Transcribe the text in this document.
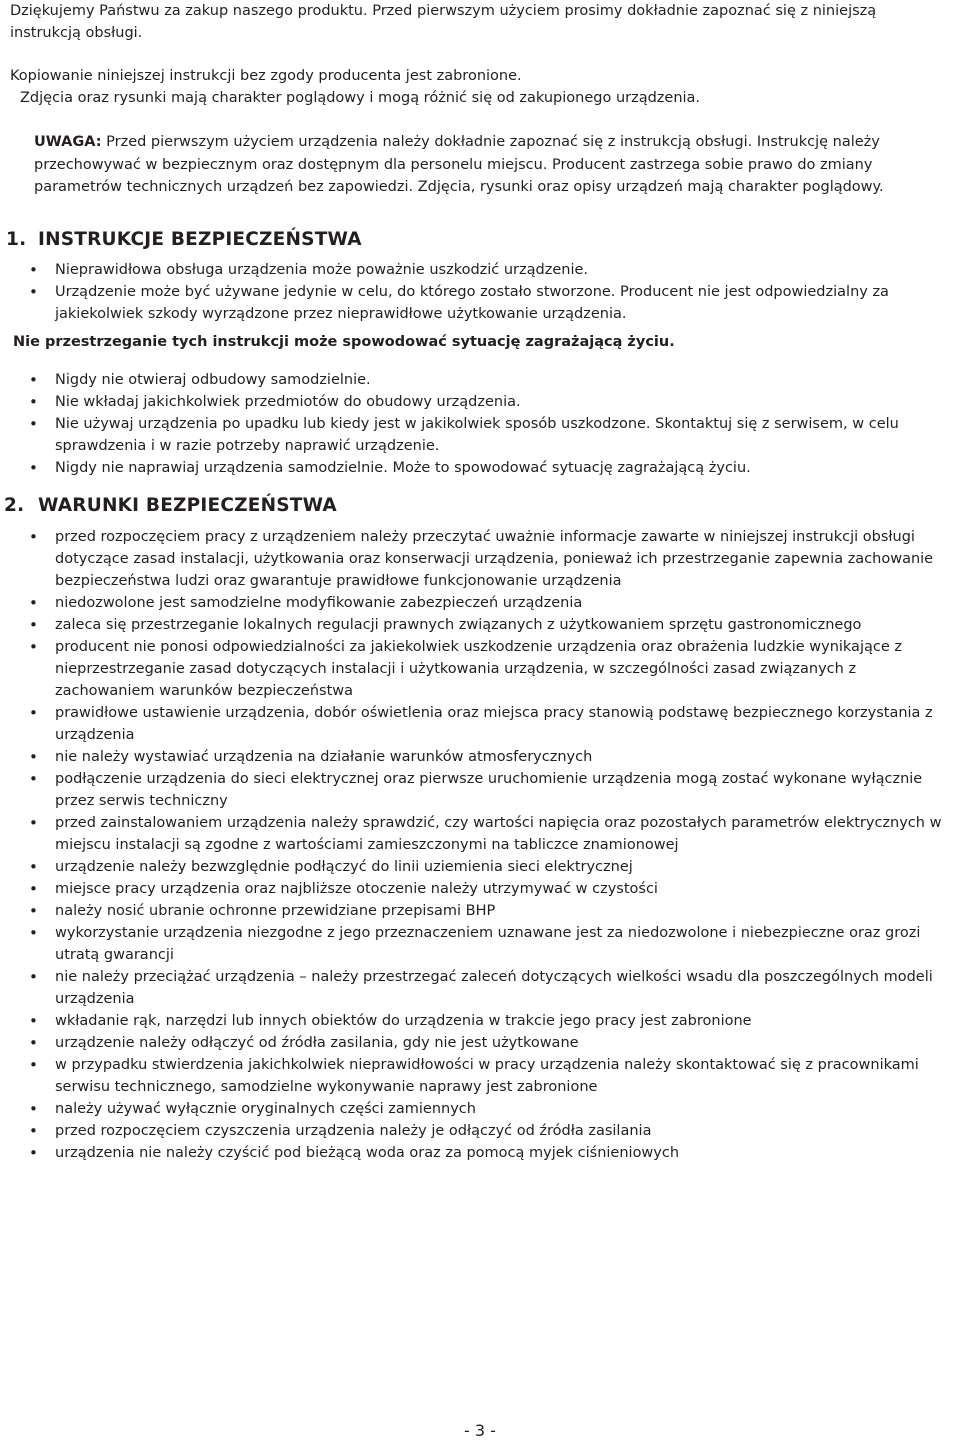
Dziękujemy Państwu za zakup naszego produktu. Przed pierwszym użyciem prosimy dokładnie zapoznać się z niniejszą instrukcją obsługi.

Kopiowanie niniejszej instrukcji bez zgody producenta jest zabronione.

Zdjęcia oraz rysunki mają charakter poglądowy i mogą różnić się od zakupionego urządzenia.

UWAGA: Przed pierwszym użyciem urządzenia należy dokładnie zapoznać się z instrukcją obsługi. Instrukcję należy przechowywać w bezpiecznym oraz dostępnym dla personelu miejscu. Producent zastrzega sobie prawo do zmiany parametrów technicznych urządzeń bez zapowiedzi. Zdjęcia, rysunki oraz opisy urządzeń mają charakter poglądowy.

1. INSTRUKCJE BEZPIECZEŃSTWA
• Nieprawidłowa obsługa urządzenia może poważnie uszkodzić urządzenie.
• Urządzenie może być używane jedynie w celu, do którego zostało stworzone. Producent nie jest odpowiedzialny za jakiekolwiek szkody wyrządzone przez nieprawidłowe użytkowanie urządzenia.

Nie przestrzeganie tych instrukcji może spowodować sytuację zagrażającą życiu.

• Nigdy nie otwieraj odbudowy samodzielnie.
• Nie wkładaj jakichkolwiek przedmiotów do obudowy urządzenia.
• Nie używaj urządzenia po upadku lub kiedy jest w jakikolwiek sposób uszkodzone. Skontaktuj się z serwisem, w celu sprawdzenia i w razie potrzeby naprawić urządzenie.
• Nigdy nie naprawiaj urządzenia samodzielnie. Może to spowodować sytuację zagrażającą życiu.
2. WARUNKI BEZPIECZEŃSTWA
• przed rozpoczęciem pracy z urządzeniem należy przeczytać uważnie informacje zawarte w niniejszej instrukcji obsługi dotyczące zasad instalacji, użytkowania oraz konserwacji urządzenia, ponieważ ich przestrzeganie zapewnia zachowanie bezpieczeństwa ludzi oraz gwarantuje prawidłowe funkcjonowanie urządzenia
• niedozwolone jest samodzielne modyfikowanie zabezpieczeń urządzenia
• zaleca się przestrzeganie lokalnych regulacji prawnych związanych z użytkowaniem sprzętu gastronomicznego
• producent nie ponosi odpowiedzialności za jakiekolwiek uszkodzenie urządzenia oraz obrażenia ludzkie wynikające z nieprzestrzeganie zasad dotyczących instalacji i użytkowania urządzenia, w szczególności zasad związanych z zachowaniem warunków bezpieczeństwa
• prawidłowe ustawienie urządzenia, dobór oświetlenia oraz miejsca pracy stanowią podstawę bezpiecznego korzystania z urządzenia
• nie należy wystawiać urządzenia na działanie warunków atmosferycznych
• podłączenie urządzenia do sieci elektrycznej oraz pierwsze uruchomienie urządzenia mogą zostać wykonane wyłącznie przez serwis techniczny
• przed zainstalowaniem urządzenia należy sprawdzić, czy wartości napięcia oraz pozostałych parametrów elektrycznych w miejscu instalacji są zgodne z wartościami zamieszczonymi na tabliczce znamionowej
• urządzenie należy bezwzględnie podłączyć do linii uziemienia sieci elektrycznej
• miejsce pracy urządzenia oraz najbliższe otoczenie należy utrzymywać w czystości
• należy nosić ubranie ochronne przewidziane przepisami BHP
• wykorzystanie urządzenia niezgodne z jego przeznaczeniem uznawane jest za niedozwolone i niebezpieczne oraz grozi utratą gwarancji
• nie należy przeciążać urządzenia – należy przestrzegać zaleceń dotyczących wielkości wsadu dla poszczególnych modeli urządzenia
• wkładanie rąk, narzędzi lub innych obiektów do urządzenia w trakcie jego pracy jest zabronione
• urządzenie należy odłączyć od źródła zasilania, gdy nie jest użytkowane
• w przypadku stwierdzenia jakichkolwiek nieprawidłowości w pracy urządzenia należy skontaktować się z pracownikami serwisu technicznego, samodzielne wykonywanie naprawy jest zabronione
• należy używać wyłącznie oryginalnych części zamiennych
• przed rozpoczęciem czyszczenia urządzenia należy je odłączyć od źródła zasilania
• urządzenia nie należy czyścić pod bieżącą woda oraz za pomocą myjek ciśnieniowych
- 3 -
